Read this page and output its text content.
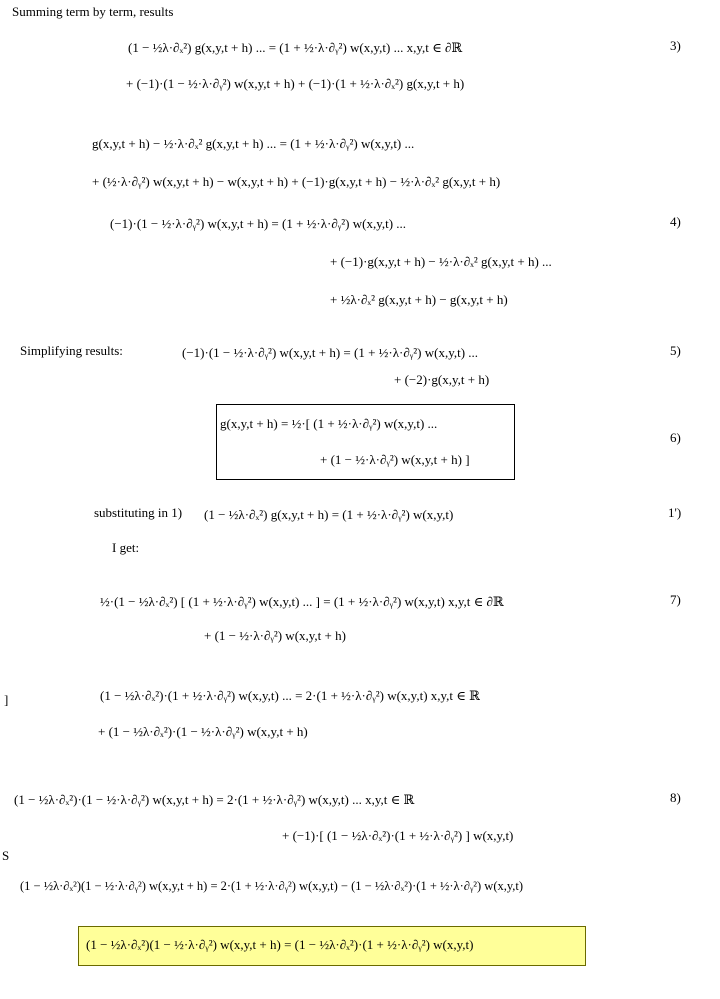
Summing term by term, results
Simplifying results:
substituting in 1)
I get:
]
S
(1 − ½λ·∂ₓ²) g(x,y,t + h) ... = (1 + ½·λ·∂ᵧ²) w(x,y,t) ... x,y,t ∈ ∂ℝ	3)
+ (−1)·(1 − ½·λ·∂ᵧ²) w(x,y,t + h) + (−1)·(1 + ½·λ·∂ₓ²) g(x,y,t + h)
g(x,y,t + h) − ½·λ·∂ₓ² g(x,y,t + h) ... = (1 + ½·λ·∂ᵧ²) w(x,y,t) ...
+ (½·λ·∂ᵧ²) w(x,y,t + h) − w(x,y,t + h) + (−1)·g(x,y,t + h) − ½·λ·∂ₓ² g(x,y,t + h)
(−1)·(1 − ½·λ·∂ᵧ²) w(x,y,t + h) = (1 + ½·λ·∂ᵧ²) w(x,y,t) ...	4)
+ (−1)·g(x,y,t + h) − ½·λ·∂ₓ² g(x,y,t + h) ...
+ ½λ·∂ₓ² g(x,y,t + h) − g(x,y,t + h)
(−1)·(1 − ½·λ·∂ᵧ²) w(x,y,t + h) = (1 + ½·λ·∂ᵧ²) w(x,y,t) ...	5)
+ (−2)·g(x,y,t + h)
g(x,y,t + h) = ½·[ (1 + ½·λ·∂ᵧ²) w(x,y,t) ...
6)
+ (1 − ½·λ·∂ᵧ²) w(x,y,t + h) ]
(1 − ½λ·∂ₓ²) g(x,y,t + h) = (1 + ½·λ·∂ᵧ²) w(x,y,t)	1')
½·(1 − ½λ·∂ₓ²) [ (1 + ½·λ·∂ᵧ²) w(x,y,t) ... ] = (1 + ½·λ·∂ᵧ²) w(x,y,t) x,y,t ∈ ∂ℝ	7)
+ (1 − ½·λ·∂ᵧ²) w(x,y,t + h)
(1 − ½λ·∂ₓ²)·(1 + ½·λ·∂ᵧ²) w(x,y,t) ... = 2·(1 + ½·λ·∂ᵧ²) w(x,y,t) x,y,t ∈ ℝ
+ (1 − ½λ·∂ₓ²)·(1 − ½·λ·∂ᵧ²) w(x,y,t + h)
(1 − ½λ·∂ₓ²)·(1 − ½·λ·∂ᵧ²) w(x,y,t + h) = 2·(1 + ½·λ·∂ᵧ²) w(x,y,t) ... x,y,t ∈ ℝ	8)
+ (−1)·[ (1 − ½λ·∂ₓ²)·(1 + ½·λ·∂ᵧ²) ] w(x,y,t)
(1 − ½λ·∂ₓ²)(1 − ½·λ·∂ᵧ²) w(x,y,t + h) = 2·(1 + ½·λ·∂ᵧ²) w(x,y,t) − (1 − ½λ·∂ₓ²)·(1 + ½·λ·∂ᵧ²) w(x,y,t)
(1 − ½λ·∂ₓ²)(1 − ½·λ·∂ᵧ²) w(x,y,t + h) = (1 − ½λ·∂ₓ²)·(1 + ½·λ·∂ᵧ²) w(x,y,t)
